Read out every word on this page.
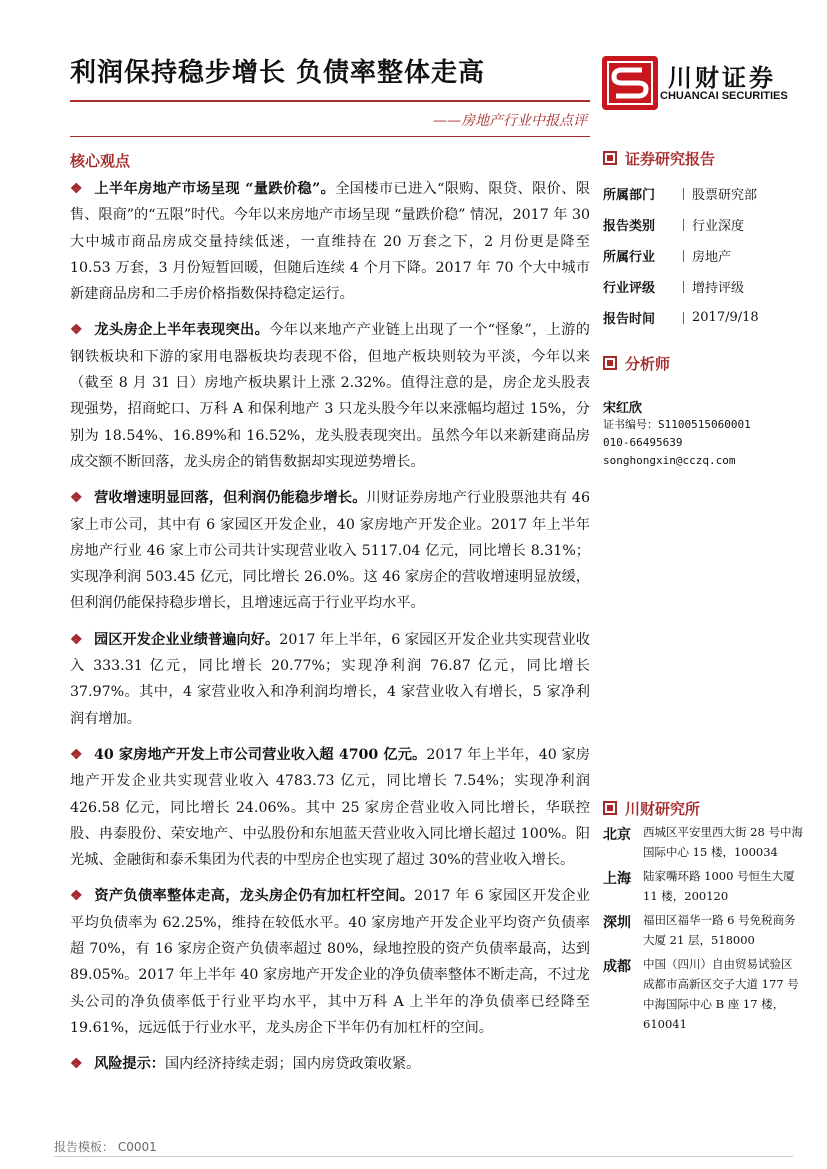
利润保持稳步增长 负债率整体走高
——房地产行业中报点评
川财证券
CHUANCAI SECURITIES
核心观点

❖ 上半年房地产市场呈现 “量跌价稳”。全国楼市已进入“限购、限贷、限价、限售、限商”的“五限”时代。今年以来房地产市场呈现 “量跌价稳” 情况，2017 年 30 大中城市商品房成交量持续低迷，一直维持在 20 万套之下，2 月份更是降至 10.53 万套，3 月份短暂回暖，但随后连续 4 个月下降。2017 年 70 个大中城市新建商品房和二手房价格指数保持稳定运行。

❖ 龙头房企上半年表现突出。今年以来地产产业链上出现了一个“怪象”，上游的钢铁板块和下游的家用电器板块均表现不俗，但地产板块则较为平淡，今年以来（截至 8 月 31 日）房地产板块累计上涨 2.32%。值得注意的是，房企龙头股表现强势，招商蛇口、万科 A 和保利地产 3 只龙头股今年以来涨幅均超过 15%，分别为 18.54%、16.89%和 16.52%，龙头股表现突出。虽然今年以来新建商品房成交额不断回落，龙头房企的销售数据却实现逆势增长。

❖ 营收增速明显回落，但利润仍能稳步增长。川财证券房地产行业股票池共有 46 家上市公司，其中有 6 家园区开发企业，40 家房地产开发企业。2017 年上半年房地产行业 46 家上市公司共计实现营业收入 5117.04 亿元，同比增长 8.31%；实现净利润 503.45 亿元，同比增长 26.0%。这 46 家房企的营收增速明显放缓，但利润仍能保持稳步增长，且增速远高于行业平均水平。

❖ 园区开发企业业绩普遍向好。2017 年上半年，6 家园区开发企业共实现营业收入 333.31 亿元，同比增长 20.77%；实现净利润 76.87 亿元，同比增长 37.97%。其中，4 家营业收入和净利润均增长，4 家营业收入有增长，5 家净利润有增加。

❖ 40 家房地产开发上市公司营业收入超 4700 亿元。2017 年上半年，40 家房地产开发企业共实现营业收入 4783.73 亿元，同比增长 7.54%；实现净利润 426.58 亿元，同比增长 24.06%。其中 25 家房企营业收入同比增长，华联控股、冉泰股份、荣安地产、中弘股份和东旭蓝天营业收入同比增长超过 100%。阳光城、金融街和泰禾集团为代表的中型房企也实现了超过 30%的营业收入增长。

❖ 资产负债率整体走高，龙头房企仍有加杠杆空间。2017 年 6 家园区开发企业平均负债率为 62.25%，维持在较低水平。40 家房地产开发企业平均资产负债率超 70%，有 16 家房企资产负债率超过 80%，绿地控股的资产负债率最高，达到 89.05%。2017 年上半年 40 家房地产开发企业的净负债率整体不断走高，不过龙头公司的净负债率低于行业平均水平，其中万科 A 上半年的净负债率已经降至 19.61%，远远低于行业水平，龙头房企下半年仍有加杠杆的空间。

❖ 风险提示：国内经济持续走弱；国内房贷政策收紧。

证券研究报告
所属部门	股票研究部
报告类别	行业深度
所属行业	房地产
行业评级	增持评级
报告时间	2017/9/18
分析师
宋红欣
证书编号：S1100515060001
010-66495639
songhongxin@cczq.com
川财研究所
北京	西城区平安里西大街 28 号中海国际中心 15 楼，100034
上海	陆家嘴环路 1000 号恒生大厦 11 楼，200120
深圳	福田区福华一路 6 号免税商务大厦 21 层，518000
成都	中国（四川）自由贸易试验区成都市高新区交子大道 177 号中海国际中心 B 座 17 楼，610041
报告模板： C0001
